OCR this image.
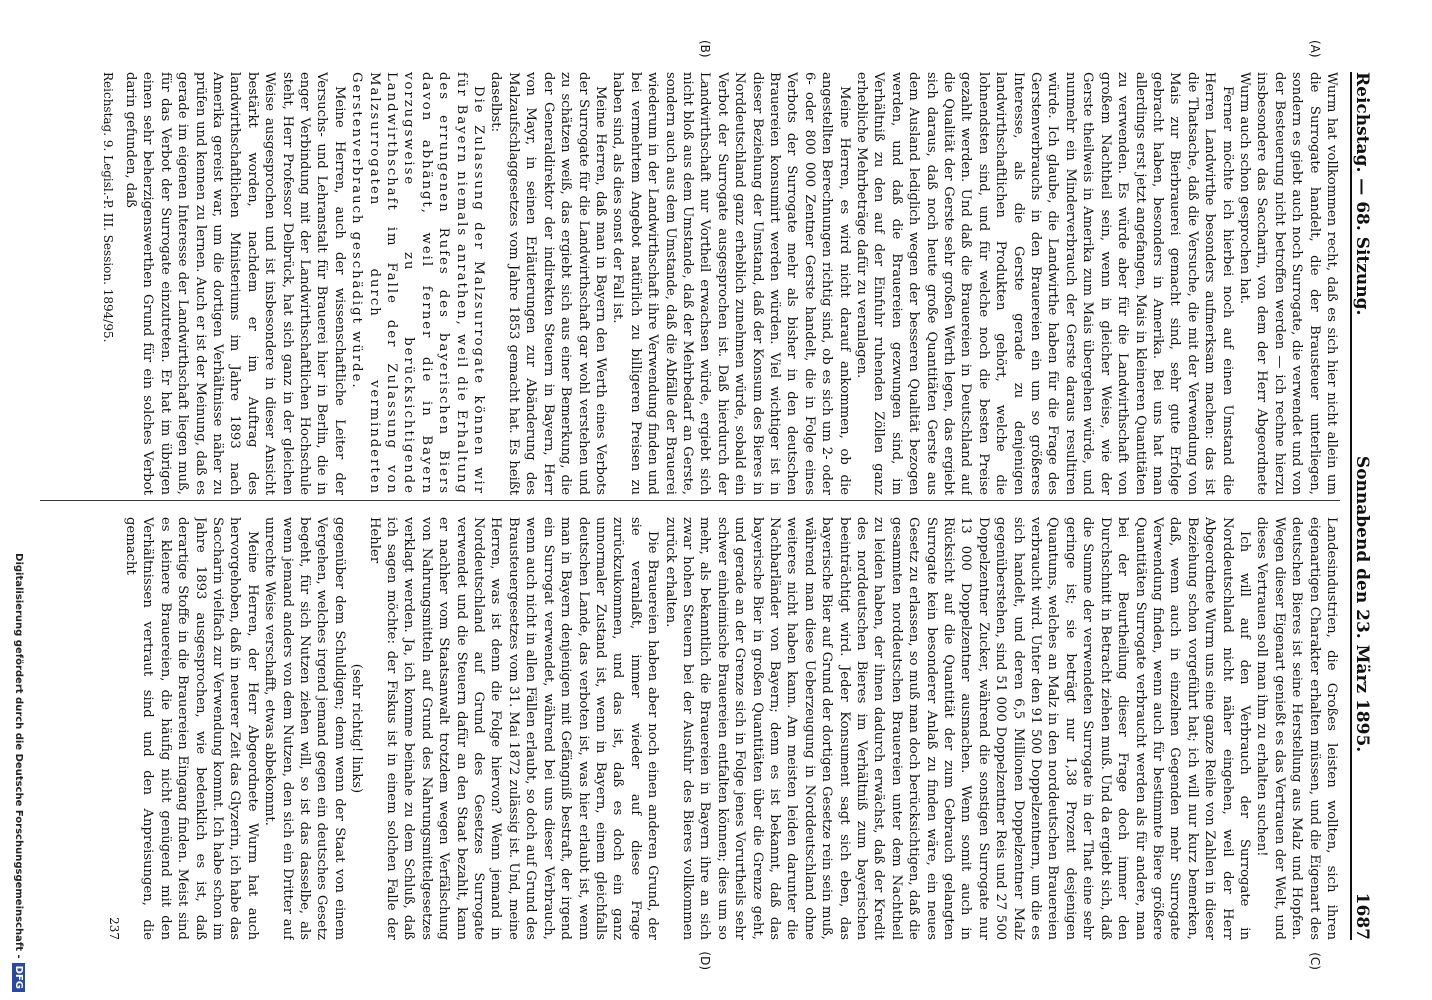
Reichstag. — 68. Sitzung.
Sonnabend den 23. März 1895.
1687
(A)
(B)
(C)
(D)

Wurm hat vollkommen recht, daß es sich hier nicht allein um die Surrogate handelt, die der Brausteuer unterliegen, sondern es giebt auch noch Surrogate, die verwendet und von der Besteuerung nicht betroffen werden — ich rechne hierzu insbesondere das Saccharin, von dem der Herr Abgeordnete Wurm auch schon gesprochen hat.

Ferner möchte ich hierbei noch auf einen Umstand die Herren Landwirthe besonders aufmerksam machen: das ist die Thatsache, daß die Versuche, die mit der Verwendung von Mais zur Bierbrauerei gemacht sind, sehr gute Erfolge gebracht haben, besonders in Amerika. Bei uns hat man allerdings erst jetzt angefangen, Mais in kleineren Quantitäten zu verwenden. Es würde aber für die Landwirthschaft von großem Nachtheil sein, wenn in gleicher Weise, wie der Gerste theilweis in Amerika zum Mais übergehen würde, und nunmehr ein Minderverbrauch der Gerste daraus resultiren würde. Ich glaube, die Landwirthe haben für die Frage des Gerstenverbrauchs in den Brauereien ein um so größeres Interesse, als die Gerste gerade zu denjenigen landwirthschaftlichen Produkten gehört, welche die lohnendsten sind, und für welche noch die besten Preise gezahlt werden. Und daß die Brauereien in Deutschland auf die Qualität der Gerste sehr großen Werth legen, das ergiebt sich daraus, daß noch heute große Quantitäten Gerste aus dem Ausland lediglich wegen der besseren Qualität bezogen werden, und daß die Brauereien gezwungen sind, im Verhältniß zu den auf der Einfuhr ruhenden Zöllen ganz erhebliche Mehrbeträge dafür zu veranlagen.

Meine Herren, es wird nicht darauf ankommen, ob die angestellten Berechnungen richtig sind, ob es sich um 2- oder 6- oder 800 000 Zentner Gerste handelt, die in Folge eines Verbots der Surrogate mehr als bisher in den deutschen Brauereien konsumirt werden würden. Viel wichtiger ist in dieser Beziehung der Umstand, daß der Konsum des Bieres in Norddeutschland ganz erheblich zunehmen würde, sobald ein Verbot der Surrogate ausgesprochen ist. Daß hierdurch der Landwirthschaft nur Vortheil erwachsen würde, ergiebt sich nicht bloß aus dem Umstande, daß der Mehrbedarf an Gerste, sondern auch aus dem Umstande, daß die Abfälle der Brauerei wiederum in der Landwirthschaft ihre Verwendung finden und bei vermehrtem Angebot natürlich zu billigeren Preisen zu haben sind, als dies sonst der Fall ist.

Meine Herren, daß man in Bayern den Werth eines Verbots der Surrogate für die Landwirthschaft gar wohl verstehen und zu schätzen weiß, das ergiebt sich aus einer Bemerkung, die der Generaldirektor der indirekten Steuern in Bayern, Herr von Mayr, in seinen Erläuterungen zur Abänderung des Malzaufschlaggesetzes vom Jahre 1853 gemacht hat. Es heißt daselbst:

Die Zulassung der Malzsurrogate können wir für Bayern niemals anrathen, weil die Erhaltung des errungenen Rufes des bayerischen Biers davon abhängt, weil ferner die in Bayern vorzugsweise zu berücksichtigende Landwirthschaft im Falle der Zulassung von Malzsurrogaten durch verminderten Gerstenverbrauch geschädigt würde.

Meine Herren, auch der wissenschaftliche Leiter der Versuchs- und Lehranstalt für Brauerei hier in Berlin, die in enger Verbindung mit der Landwirthschaftlichen Hochschule steht, Herr Professor Delbrück, hat sich ganz in der gleichen Weise ausgesprochen und ist insbesondere in dieser Ansicht bestärkt worden, nachdem er im Auftrag des landwirthschaftlichen Ministeriums im Jahre 1893 nach Amerika gereist war, um die dortigen Verhältnisse näher zu prüfen und kennen zu lernen. Auch er ist der Meinung, daß es gerade im eigenen Interesse der Landwirthschaft liegen muß, für das Verbot der Surrogate einzutreten. Er hat im übrigen einen sehr beherzigenswerthen Grund für ein solches Verbot darin gefunden, daß

Reichstag. 9. Legisl.-P. III. Session. 1894/95.

Landesindustrien, die Großes leisten wollten, sich ihren eigenartigen Charakter erhalten müssen, und die Eigenart des deutschen Bieres ist seine Herstellung aus Malz und Hopfen. Wegen dieser Eigenart genießt es das Vertrauen der Welt, und dieses Vertrauen soll man ihm zu erhalten suchen!

Ich will auf den Verbrauch der Surrogate in Norddeutschland nicht näher eingehen, weil der Herr Abgeordnete Wurm uns eine ganze Reihe von Zahlen in dieser Beziehung schon vorgeführt hat; ich will nur kurz bemerken, daß, wenn auch in einzelnen Gegenden mehr Surrogate Verwendung finden, wenn auch für bestimmte Biere größere Quantitäten Surrogate verbraucht werden als für andere, man bei der Beurtheilung dieser Frage doch immer den Durchschnitt in Betracht ziehen muß. Und da ergiebt sich, daß die Summe der verwendeten Surrogate in der That eine sehr geringe ist; sie beträgt nur 1,38 Prozent desjenigen Quantums, welches an Malz in den norddeutschen Brauereien verbraucht wird. Unter den 91 500 Doppelzentnern, um die es sich handelt, und deren 6,5 Millionen Doppelzentner Malz gegenüberstehen, sind 51 000 Doppelzentner Reis und 27 500 Doppelzentner Zucker, während die sonstigen Surrogate nur 13 000 Doppelzentner ausmachen. Wenn somit auch in Rücksicht auf die Quantität der zum Gebrauch gelangten Surrogate kein besonderer Anlaß zu finden wäre, ein neues Gesetz zu erlassen, so muß man doch berücksichtigen, daß die gesammten norddeutschen Brauereien unter dem Nachtheil zu leiden haben, der ihnen dadurch erwächst, daß der Kredit des norddeutschen Bieres im Verhältniß zum bayerischen beeinträchtigt wird. Jeder Konsument sagt sich eben, das bayerische Bier auf Grund der dortigen Gesetze rein sein muß, während man diese Ueberzeugung in Norddeutschland ohne weiteres nicht haben kann. Am meisten leiden darunter die Nachbarländer von Bayern; denn es ist bekannt, daß das bayerische Bier in großen Quantitäten über die Grenze geht, und gerade an der Grenze sich in Folge jenes Vorurtheils sehr schwer einheimische Brauereien entfalten können; dies um so mehr, als bekanntlich die Brauereien in Bayern ihre an sich zwar hohen Steuern bei der Ausfuhr des Bieres vollkommen zurück erhalten.

Die Brauereien haben aber noch einen anderen Grund, der sie veranlaßt, immer wieder auf diese Frage zurückzukommen, und das ist, daß es doch ein ganz unnormaler Zustand ist, wenn in Bayern, einem gleichfalls deutschen Lande, das verboten ist, was hier erlaubt ist, wenn man in Bayern denjenigen mit Gefängniß bestraft, der irgend ein Surrogat verwendet, während bei uns dieser Verbrauch, wenn auch nicht in allen Fällen erlaubt, so doch auf Grund des Brausteuergesetzes vom 31. Mai 1872 zulässig ist. Und, meine Herren, was ist denn die Folge hiervon? Wenn jemand in Norddeutschland auf Grund des Gesetzes Surrogate verwendet und die Steuern dafür an den Staat bezahlt, kann er nachher vom Staatsanwalt trotzdem wegen Verfälschung von Nahrungsmitteln auf Grund des Nahrungsmittelgesetzes verklagt werden. Ja, ich komme beinahe zu dem Schluß, daß ich sagen möchte: der Fiskus ist in einem solchen Falle der Hehler

(sehr richtig! links)

gegenüber dem Schuldigen; denn wenn der Staat von einem Vergehen, welches irgend jemand gegen ein deutsches Gesetz begeht, für sich Nutzen ziehen will, so ist das dasselbe, als wenn jemand anders von dem Nutzen, den sich ein Dritter auf unrechte Weise verschafft, etwas abbekommt.

Meine Herren, der Herr Abgeordnete Wurm hat auch hervorgehoben, daß in neuerer Zeit das Glyzerin, ich habe das Saccharin vielfach zur Verwendung kommt. Ich habe schon im Jahre 1893 ausgesprochen, wie bedenklich es ist, daß derartige Stoffe in die Brauereien Eingang finden. Meist sind es kleinere Brauereien, die häufig nicht genügend mit den Verhältnissen vertraut sind und den Anpreisungen, die gemacht

237
Digitalisierung gefördert durch die Deutsche Forschungsgemeinschaft -DFG
